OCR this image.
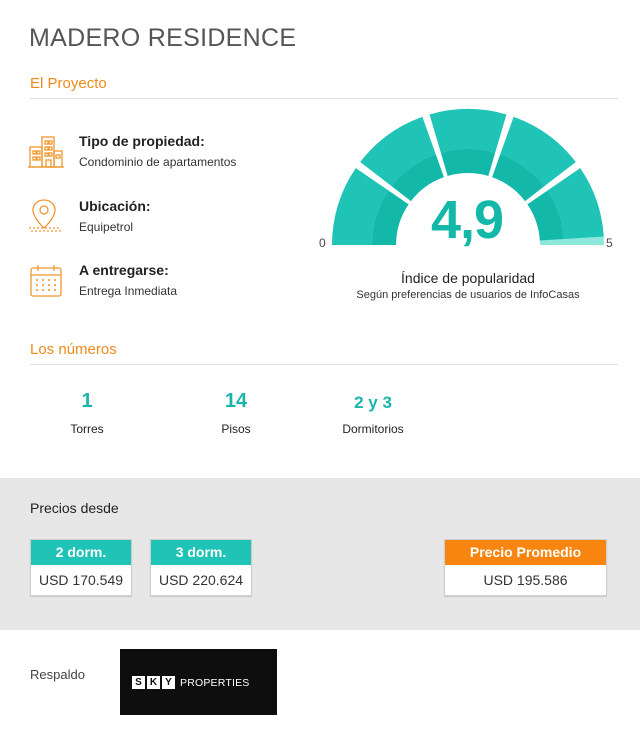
MADERO RESIDENCE
El Proyecto
Tipo de propiedad:
Condominio de apartamentos
Ubicación:
Equipetrol
A entregarse:
Entrega Inmediata
4,9
0	5
Índice de popularidad
Según preferencias de usuarios de InfoCasas
Los números
1
Torres
14
Pisos
2 y 3
Dormitorios
Precios desde
2 dorm.
USD 170.549
3 dorm.
USD 220.624
Precio Promedio
USD 195.586
Respaldo
S K Y PROPERTIES
